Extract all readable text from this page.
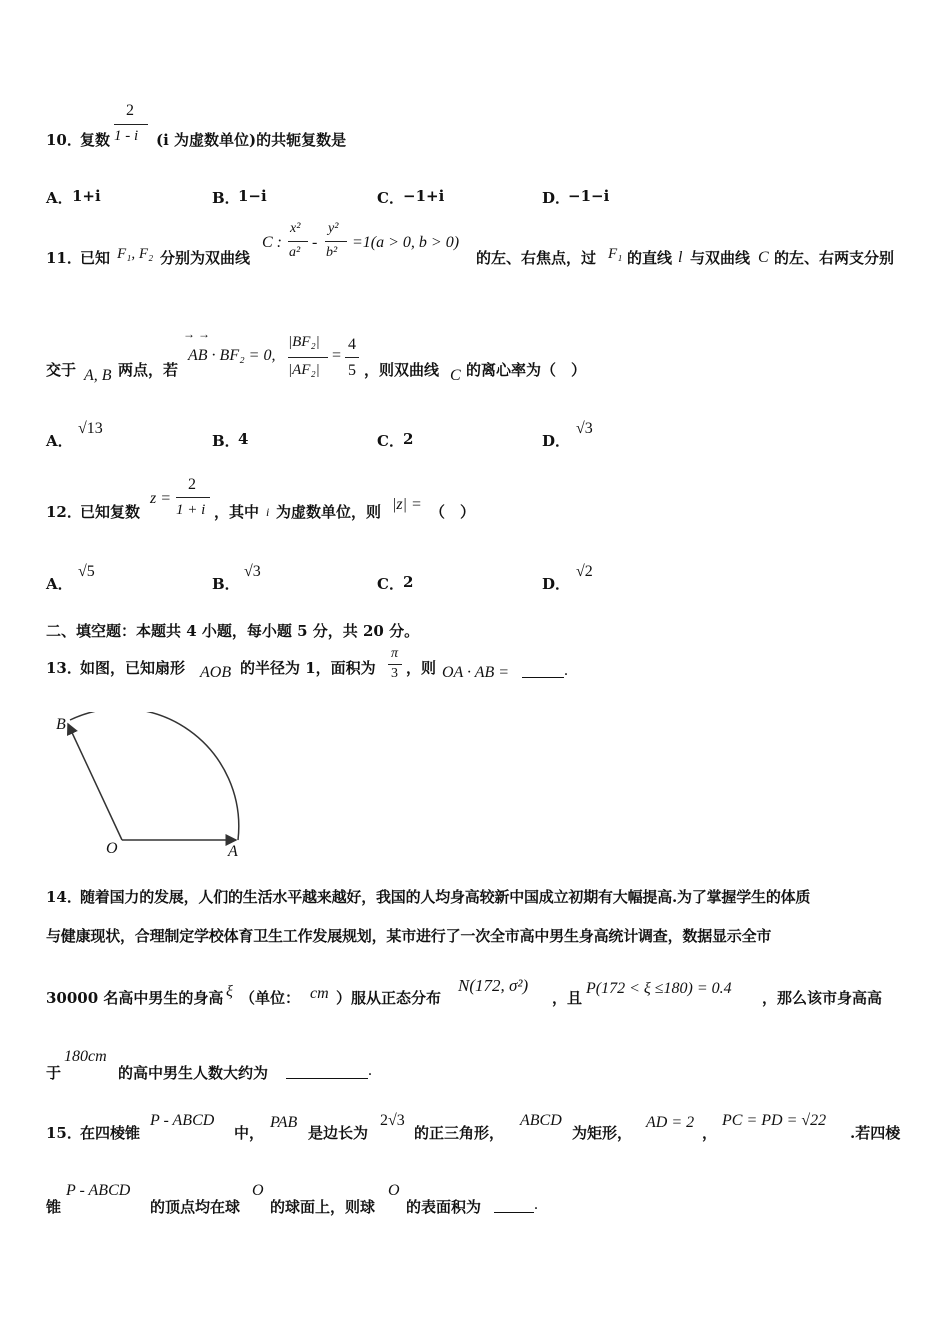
10．
复数
2
1 - i (i 为虚数单位)的共轭复数是
A． 1+i	B．
1−i	C． −1+i	D．
−1−i
11．
已知 F₁, F₂ 分别为双曲线
C :
x²
a²
-
y²
b²
=1(a > 0, b > 0)
的左、右焦点，过 F₁ 的直线 l 与双曲线 C 的左、右两支分别
交于 A, B 两点，若
→ →
AB · BF₂ = 0,
|BF₂|
|AF₂|
=
4
5 ，则双曲线 C 的离心率为（　）
A．
√13
B．
4	C． 2	D．
√3
12．
已知复数
z =
2
1 + i ，其中 i 为虚数单位，则 |z| = （　）
A．
√5
B．
√3
C． 2	D．
√2
二、填空题：本题共 4 小题，每小题 5 分，共 20 分。
13．
如图，已知扇形 AOB 的半径为 1，面积为
π
3 ，则 OA · AB =	.
B
O	A
14．
随着国力的发展，人们的生活水平越来越好，我国的人均身高较新中国成立初期有大幅提高.为了掌握学生的体质
与健康现状，合理制定学校体育卫生工作发展规划，某市进行了一次全市高中男生身高统计调查，数据显示全市
30000 名高中男生的身高 ξ （单位： cm ）服从正态分布
N(172, σ²)
，且
P(172 < ξ ≤180) = 0.4
，那么该市身高高
于
180cm
的高中男生人数大约为	.
15．
在四棱锥
P - ABCD
中，
PAB
是边长为
2√3
的正三角形，
ABCD
为矩形，
AD = 2
，
PC = PD = √22
.若四棱
锥
P - ABCD
的顶点均在球
O
的球面上，则球
O
的表面积为	.
